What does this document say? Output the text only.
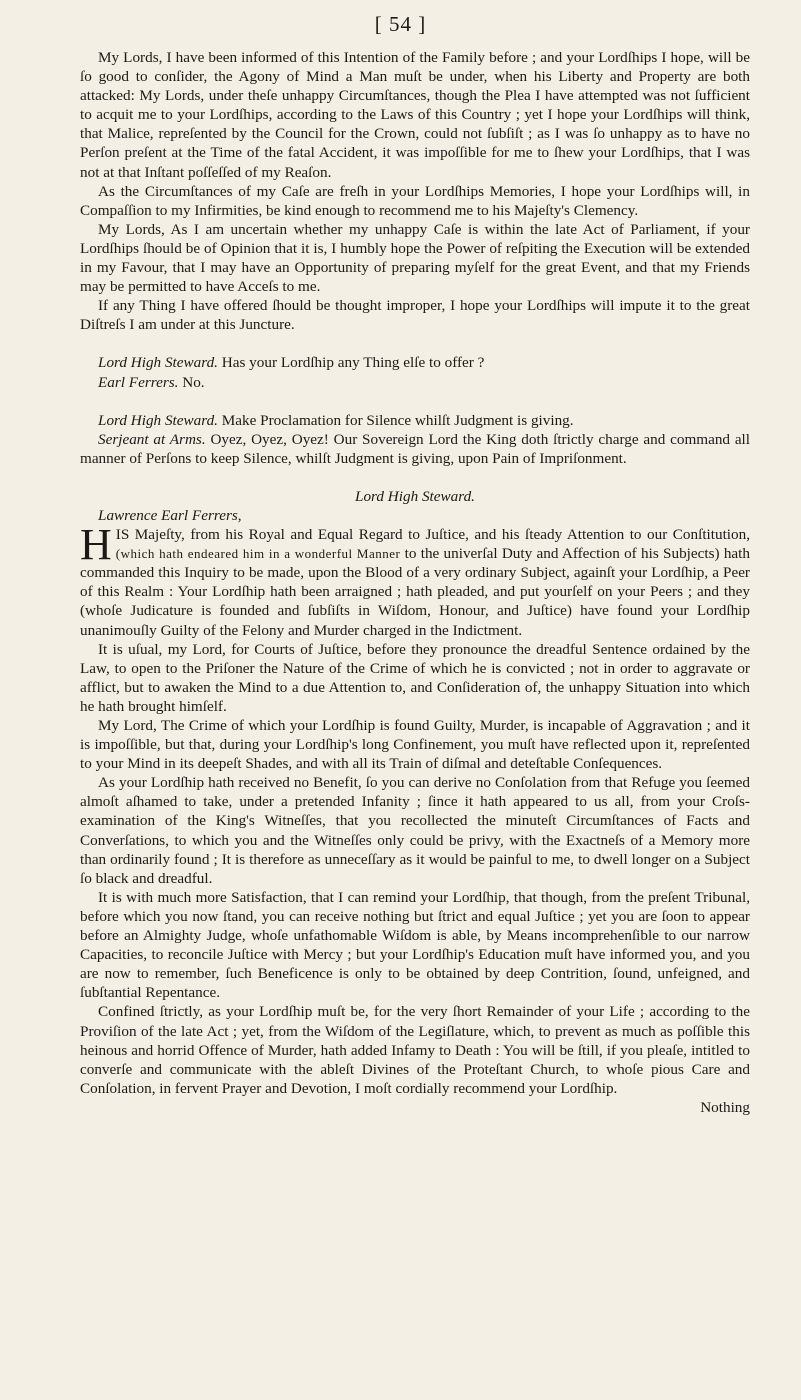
[ 54 ]

My Lords, I have been informed of this Intention of the Family before ; and your Lordſhips I hope, will be ſo good to conſider, the Agony of Mind a Man muſt be under, when his Liberty and Property are both attacked: My Lords, under theſe unhappy Circumſtances, though the Plea I have attempted was not ſufficient to acquit me to your Lordſhips, according to the Laws of this Country ; yet I hope your Lordſhips will think, that Malice, repreſented by the Council for the Crown, could not ſubſiſt ; as I was ſo unhappy as to have no Perſon preſent at the Time of the fatal Accident, it was impoſſible for me to ſhew your Lordſhips, that I was not at that Inſtant poſſeſſed of my Reaſon.

As the Circumſtances of my Caſe are freſh in your Lordſhips Memories, I hope your Lordſhips will, in Compaſſion to my Infirmities, be kind enough to recommend me to his Majeſty's Clemency.

My Lords, As I am uncertain whether my unhappy Caſe is within the late Act of Parliament, if your Lordſhips ſhould be of Opinion that it is, I humbly hope the Power of reſpiting the Execution will be extended in my Favour, that I may have an Opportunity of preparing myſelf for the great Event, and that my Friends may be permitted to have Acceſs to me.

If any Thing I have offered ſhould be thought improper, I hope your Lordſhips will impute it to the great Diſtreſs I am under at this Juncture.

Lord High Steward. Has your Lordſhip any Thing elſe to offer ?

Earl Ferrers. No.

Lord High Steward. Make Proclamation for Silence whilſt Judgment is giving.

Serjeant at Arms. Oyez, Oyez, Oyez! Our Sovereign Lord the King doth ſtrictly charge and command all manner of Perſons to keep Silence, whilſt Judgment is giving, upon Pain of Impriſonment.

Lord High Steward.

Lawrence Earl Ferrers,

HIS Majeſty, from his Royal and Equal Regard to Juſtice, and his ſteady Attention to our Conſtitution, (which hath endeared him in a wonderful Manner to the univerſal Duty and Affection of his Subjects) hath commanded this Inquiry to be made, upon the Blood of a very ordinary Subject, againſt your Lordſhip, a Peer of this Realm : Your Lordſhip hath been arraigned ; hath pleaded, and put yourſelf on your Peers ; and they (whoſe Judicature is founded and ſubſiſts in Wiſdom, Honour, and Juſtice) have found your Lordſhip unanimouſly Guilty of the Felony and Murder charged in the Indictment.

It is uſual, my Lord, for Courts of Juſtice, before they pronounce the dreadful Sentence ordained by the Law, to open to the Priſoner the Nature of the Crime of which he is convicted ; not in order to aggravate or afflict, but to awaken the Mind to a due Attention to, and Conſideration of, the unhappy Situation into which he hath brought himſelf.

My Lord, The Crime of which your Lordſhip is found Guilty, Murder, is incapable of Aggravation ; and it is impoſſible, but that, during your Lordſhip's long Confinement, you muſt have reflected upon it, repreſented to your Mind in its deepeſt Shades, and with all its Train of diſmal and deteſtable Conſequences.

As your Lordſhip hath received no Benefit, ſo you can derive no Conſolation from that Refuge you ſeemed almoſt aſhamed to take, under a pretended Infanity ; ſince it hath appeared to us all, from your Croſs-examination of the King's Witneſſes, that you recollected the minuteſt Circumſtances of Facts and Converſations, to which you and the Witneſſes only could be privy, with the Exactneſs of a Memory more than ordinarily found ; It is therefore as unneceſſary as it would be painful to me, to dwell longer on a Subject ſo black and dreadful.

It is with much more Satisfaction, that I can remind your Lordſhip, that though, from the preſent Tribunal, before which you now ſtand, you can receive nothing but ſtrict and equal Juſtice ; yet you are ſoon to appear before an Almighty Judge, whoſe unfathomable Wiſdom is able, by Means incomprehenſible to our narrow Capacities, to reconcile Juſtice with Mercy ; but your Lordſhip's Education muſt have informed you, and you are now to remember, ſuch Beneficence is only to be obtained by deep Contrition, ſound, unfeigned, and ſubſtantial Repentance.

Confined ſtrictly, as your Lordſhip muſt be, for the very ſhort Remainder of your Life ; according to the Proviſion of the late Act ; yet, from the Wiſdom of the Legiſlature, which, to prevent as much as poſſible this heinous and horrid Offence of Murder, hath added Infamy to Death : You will be ſtill, if you pleaſe, intitled to converſe and communicate with the ableſt Divines of the Proteſtant Church, to whoſe pious Care and Conſolation, in fervent Prayer and Devotion, I moſt cordially recommend your Lordſhip.

Nothing
